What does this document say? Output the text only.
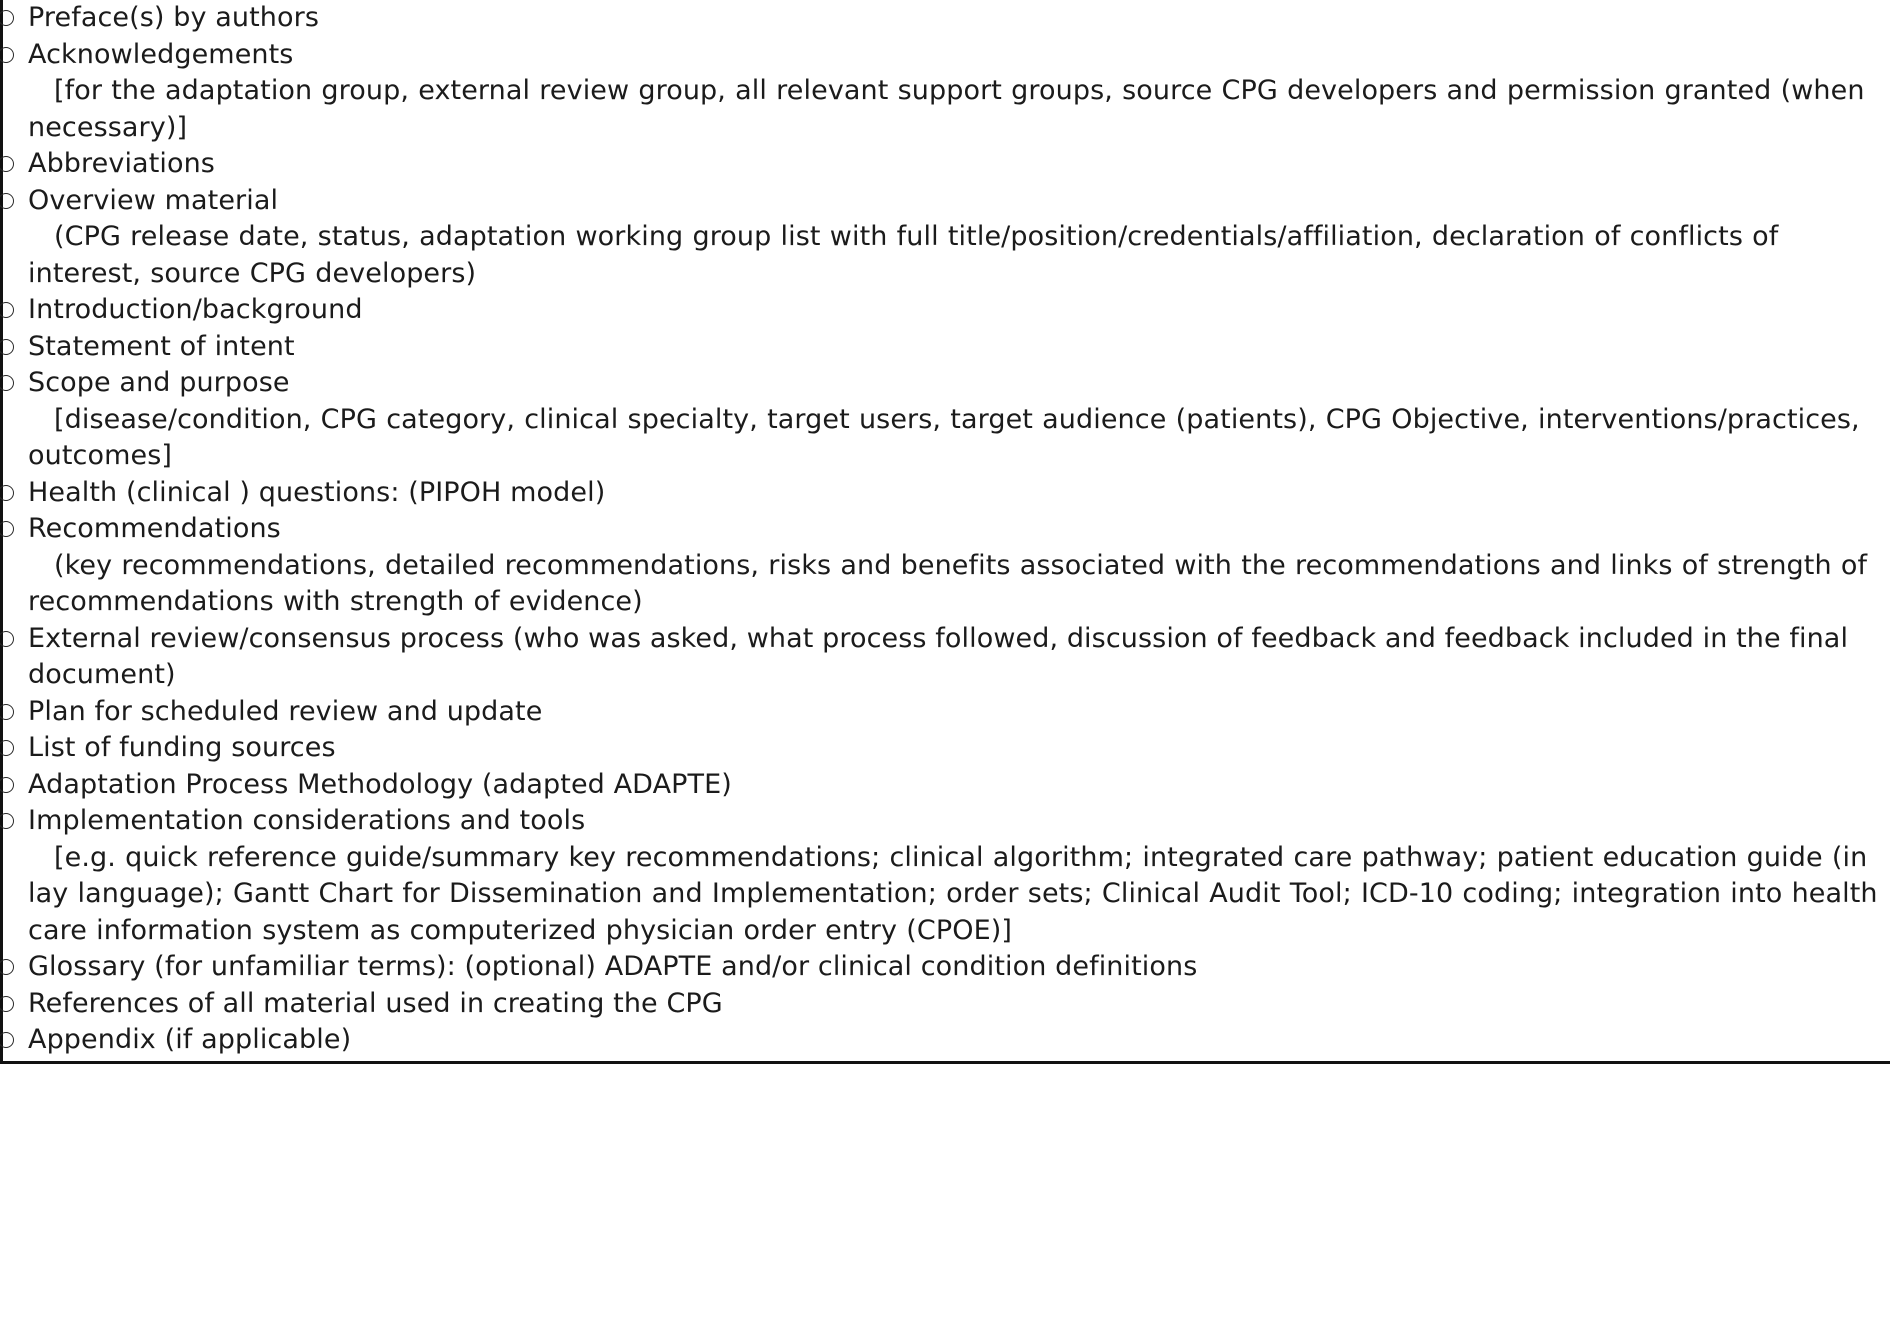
Preface(s) by authors
Acknowledgements
[for the adaptation group, external review group, all relevant support groups, source CPG developers and permission granted (when necessary)]
Abbreviations
Overview material
(CPG release date, status, adaptation working group list with full title/position/credentials/affiliation, declaration of conflicts of interest, source CPG developers)
Introduction/background
Statement of intent
Scope and purpose
[disease/condition, CPG category, clinical specialty, target users, target audience (patients), CPG Objective, interventions/practices, outcomes]
Health (clinical ) questions: (PIPOH model)
Recommendations
(key recommendations, detailed recommendations, risks and benefits associated with the recommendations and links of strength of recommendations with strength of evidence)
External review/consensus process (who was asked, what process followed, discussion of feedback and feedback included in the final document)
Plan for scheduled review and update
List of funding sources
Adaptation Process Methodology (adapted ADAPTE)
Implementation considerations and tools
[e.g. quick reference guide/summary key recommendations; clinical algorithm; integrated care pathway; patient education guide (in lay language); Gantt Chart for Dissemination and Implementation; order sets; Clinical Audit Tool; ICD-10 coding; integration into health care information system as computerized physician order entry (CPOE)]
Glossary (for unfamiliar terms): (optional) ADAPTE and/or clinical condition definitions
References of all material used in creating the CPG
Appendix (if applicable)
